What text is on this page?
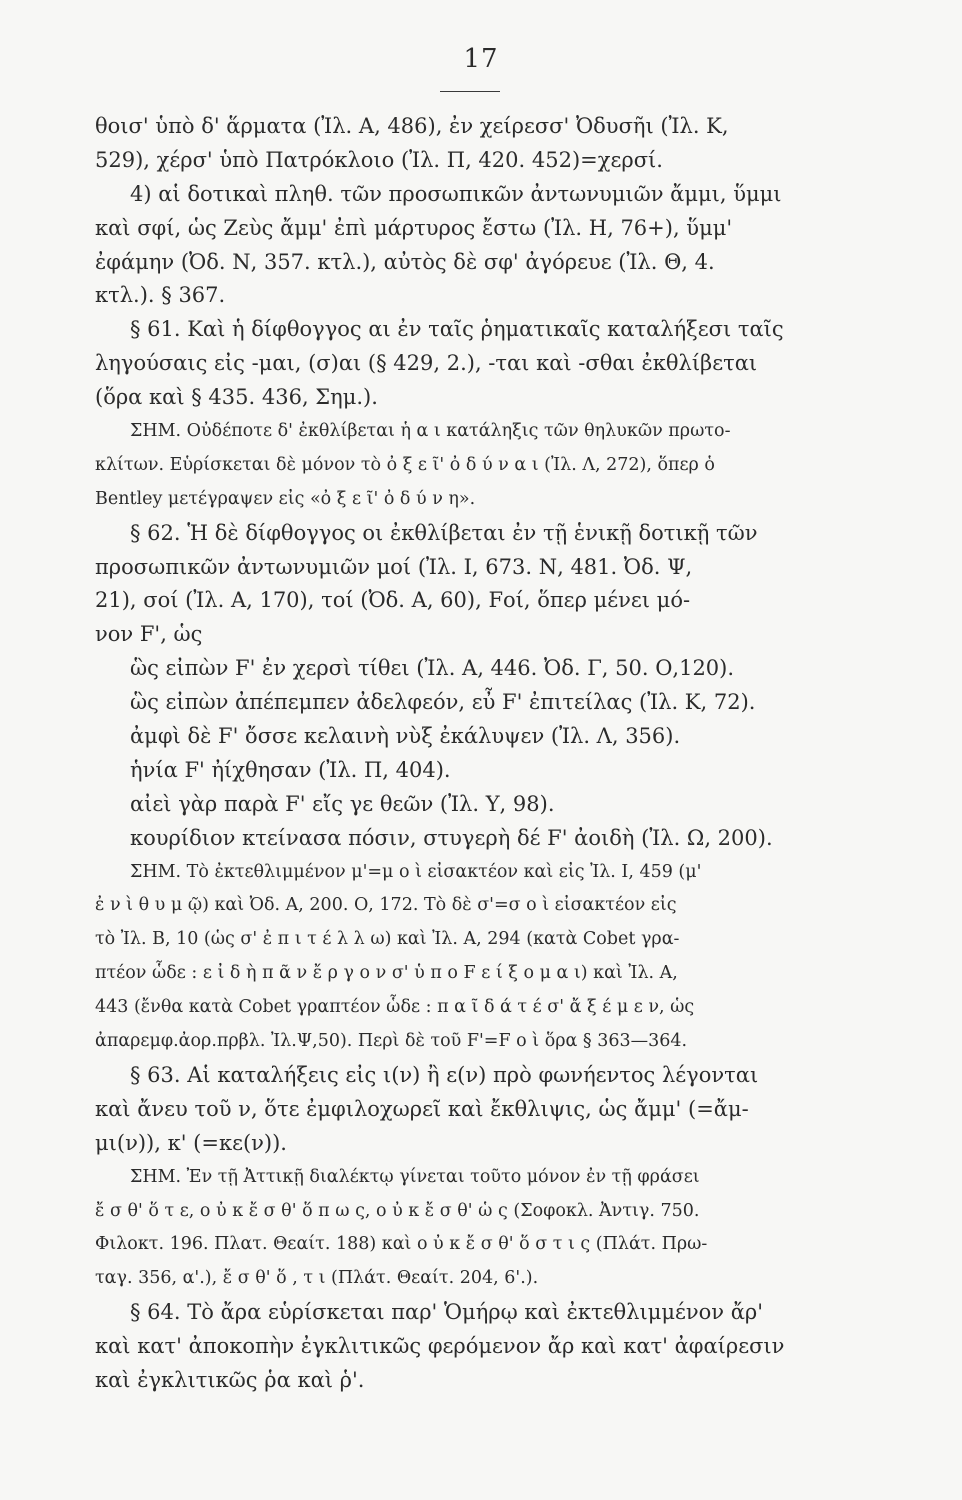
17
θοισ' ὑπὸ δ' ἅρματα (Ἰλ. Α, 486), ἐν χείρεσσ' Ὀδυσῆι (Ἰλ. Κ,
529), χέρσ' ὑπὸ Πατρόκλοιο (Ἰλ. Π, 420. 452)=χερσί.
4) αἱ δοτικαὶ πληθ. τῶν προσωπικῶν ἀντωνυμιῶν ἄμμι, ὕμμι
καὶ σφί, ὡς Ζεὺς ἄμμ' ἐπὶ μάρτυρος ἔστω (Ἰλ. Η, 76+), ὕμμ'
ἐφάμην (Ὀδ. Ν, 357. κτλ.), αὐτὸς δὲ σφ' ἀγόρευε (Ἰλ. Θ, 4.
κτλ.). § 367.
§ 61. Καὶ ἡ δίφθογγος αι ἐν ταῖς ῥηματικαῖς καταλήξεσι ταῖς
ληγούσαις εἰς -μαι, (σ)αι (§ 429, 2.), -ται καὶ -σθαι ἐκθλίβεται
(ὅρα καὶ § 435. 436, Σημ.).
ΣΗΜ. Οὐδέποτε δ' ἐκθλίβεται ἡ α ι κατάληξις τῶν θηλυκῶν πρωτο-
κλίτων. Εὑρίσκεται δὲ μόνον τὸ ὀ ξ ε ῖ' ὀ δ ύ ν α ι (Ἰλ. Λ, 272), ὅπερ ὁ
Bentley μετέγραψεν εἰς «ὀ ξ ε ῖ' ὀ δ ύ ν η».
§ 62. Ἡ δὲ δίφθογγος οι ἐκθλίβεται ἐν τῇ ἑνικῇ δοτικῇ τῶν
προσωπικῶν ἀντωνυμιῶν μοί (Ἰλ. Ι, 673. Ν, 481. Ὀδ. Ψ,
21), σοί (Ἰλ. Α, 170), τοί (Ὀδ. Α, 60), Fοί, ὅπερ μένει μό-
νον F', ὡς
ὣς εἰπὼν F' ἐν χερσὶ τίθει (Ἰλ. Α, 446. Ὀδ. Γ, 50. Ο,120).
ὣς εἰπὼν ἀπέπεμπεν ἀδελφεόν, εὖ F' ἐπιτείλας (Ἰλ. Κ, 72).
ἀμφὶ δὲ F' ὄσσε κελαινὴ νὺξ ἐκάλυψεν (Ἰλ. Λ, 356).
ἡνία F' ἠίχθησαν (Ἰλ. Π, 404).
αἰεὶ γὰρ παρὰ F' εἴς γε θεῶν (Ἰλ. Υ, 98).
κουρίδιον κτείνασα πόσιν, στυγερὴ δέ F' ἀοιδὴ (Ἰλ. Ω, 200).
ΣΗΜ. Τὸ ἐκτεθλιμμένον μ'=μ ο ὶ εἰσακτέον καὶ εἰς Ἰλ. Ι, 459 (μ'
ἐ ν ὶ θ υ μ ῷ) καὶ Ὀδ. Α, 200. Ο, 172. Τὸ δὲ σ'=σ ο ὶ εἰσακτέον εἰς
τὸ Ἰλ. Β, 10 (ὡς σ' ἐ π ι τ έ λ λ ω) καὶ Ἰλ. Α, 294 (κατὰ Cobet γρα-
πτέον ὧδε : ε ἰ δ ὴ π ᾶ ν ἔ ρ γ ο ν σ' ὑ π ο F ε ί ξ ο μ α ι) καὶ Ἰλ. Α,
443 (ἔνθα κατὰ Cobet γραπτέον ὧδε : π α ῖ δ ά τ έ σ' ἄ ξ έ μ ε ν, ὡς
ἀπαρεμφ.ἀορ.πρβλ. Ἰλ.Ψ,50). Περὶ δὲ τοῦ F'=F ο ὶ ὅρα § 363—364.
§ 63. Αἱ καταλήξεις εἰς ι(ν) ἢ ε(ν) πρὸ φωνήεντος λέγονται
καὶ ἄνευ τοῦ ν, ὅτε ἐμφιλοχωρεῖ καὶ ἔκθλιψις, ὡς ἄμμ' (=ἄμ-
μι(ν)), κ' (=κε(ν)).
ΣΗΜ. Ἐν τῇ Ἀττικῇ διαλέκτῳ γίνεται τοῦτο μόνον ἐν τῇ φράσει
ἔ σ θ' ὅ τ ε, ο ὐ κ ἔ σ θ' ὅ π ω ς, ο ὐ κ ἔ σ θ' ὡ ς (Σοφοκλ. Ἀντιγ. 750.
Φιλοκτ. 196. Πλατ. Θεαίτ. 188) καὶ ο ὐ κ ἔ σ θ' ὅ σ τ ι ς (Πλάτ. Πρω-
ταγ. 356, α'.), ἔ σ θ' ὅ , τ ι (Πλάτ. Θεαίτ. 204, 6'.).
§ 64. Τὸ ἄρα εὑρίσκεται παρ' Ὁμήρῳ καὶ ἐκτεθλιμμένον ἄρ'
καὶ κατ' ἀποκοπὴν ἐγκλιτικῶς φερόμενον ἄρ καὶ κατ' ἀφαίρεσιν
καὶ ἐγκλιτικῶς ῥα καὶ ῥ'.
